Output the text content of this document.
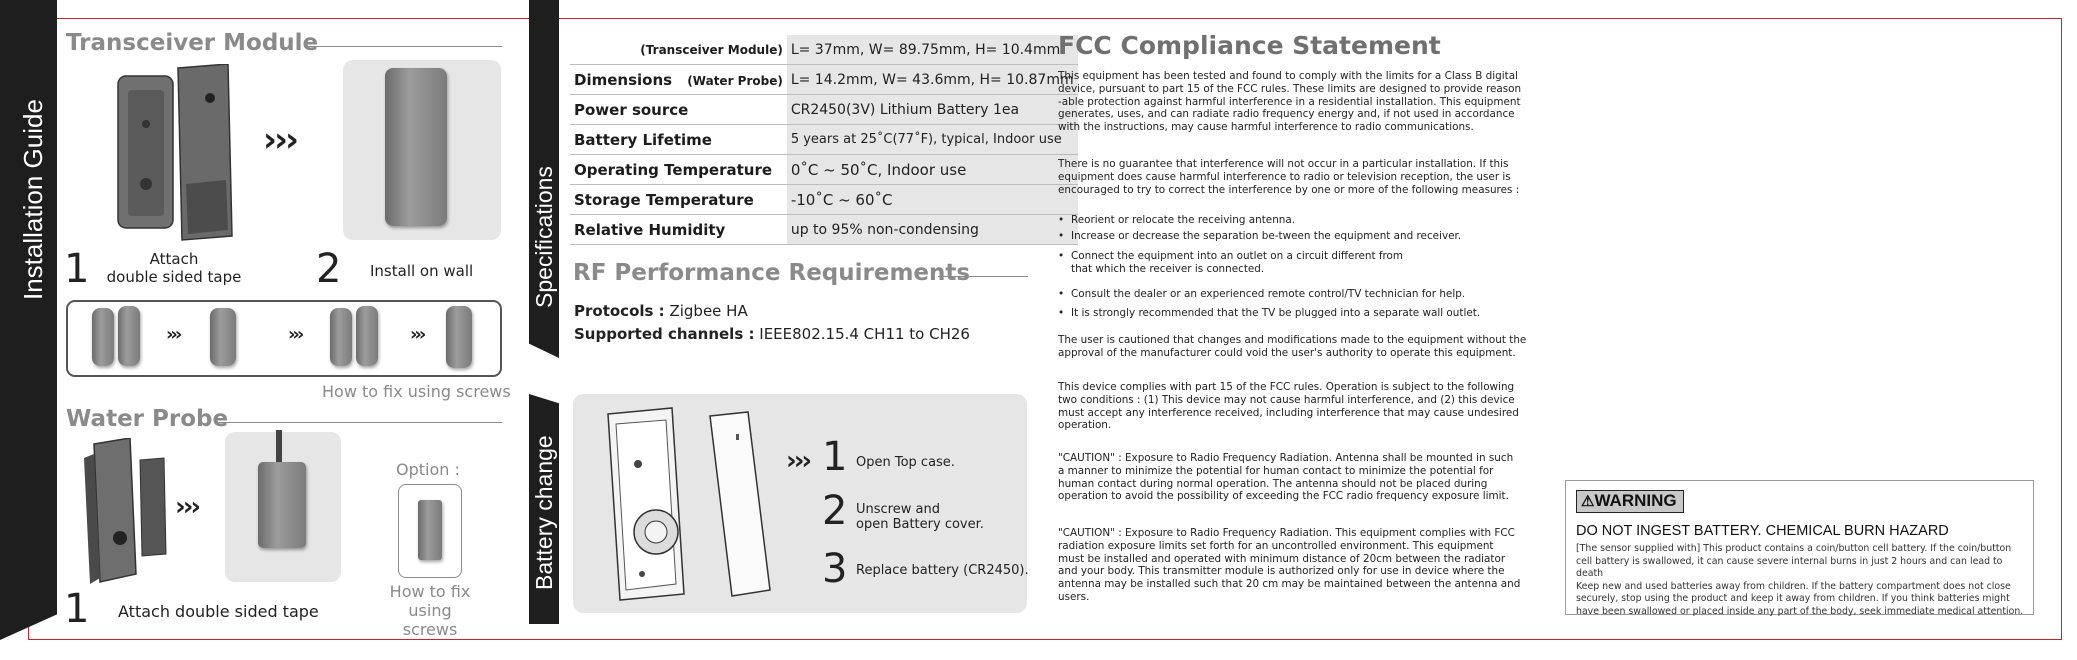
Installation Guide
Transceiver Module
›››
1	Attach
double sided tape	2 Install on wall
›››	›››	›››
How to fix using screws
Water Probe
›››
Option :
How to fix
using screws
1 Attach double sided tape
Specifications
(Transceiver Module)	L= 37mm, W= 89.75mm, H= 10.4mm
Dimensions (Water Probe)	L= 14.2mm, W= 43.6mm, H= 10.87mm
Power source	CR2450(3V) Lithium Battery 1ea
Battery Lifetime	5 years at 25˚C(77˚F), typical, Indoor use
Operating Temperature	0˚C ~ 50˚C, Indoor use
Storage Temperature	-10˚C ~ 60˚C
Relative Humidity	up to 95% non-condensing
RF Performance Requirements
Protocols : Zigbee HA
Supported channels : IEEE802.15.4 CH11 to CH26
Battery change	››› 1 Open Top case.
2 Unscrew and
open Battery cover.
3 Replace battery (CR2450).
FCC Compliance Statement
This equipment has been tested and found to comply with the limits for a Class B digital
device, pursuant to part 15 of the FCC rules. These limits are designed to provide reason
-able protection against harmful interference in a residential installation. This equipment
generates, uses, and can radiate radio frequency energy and, if not used in accordance
with the instructions, may cause harmful interference to radio communications.
There is no guarantee that interference will not occur in a particular installation. If this
equipment does cause harmful interference to radio or television reception, the user is
encouraged to try to correct the interference by one or more of the following measures :
• Reorient or relocate the receiving antenna.
• Increase or decrease the separation be-tween the equipment and receiver.
• Connect the equipment into an outlet on a circuit different from
that which the receiver is connected.
• Consult the dealer or an experienced remote control/TV technician for help.
• It is strongly recommended that the TV be plugged into a separate wall outlet.
The user is cautioned that changes and modifications made to the equipment without the
approval of the manufacturer could void the user's authority to operate this equipment.
This device complies with part 15 of the FCC rules. Operation is subject to the following
two conditions : (1) This device may not cause harmful interference, and (2) this device
must accept any interference received, including interference that may cause undesired
operation.
"CAUTION" : Exposure to Radio Frequency Radiation. Antenna shall be mounted in such
a manner to minimize the potential for human contact to minimize the potential for
human contact during normal operation. The antenna should not be placed during
operation to avoid the possibility of exceeding the FCC radio frequency exposure limit.
"CAUTION" : Exposure to Radio Frequency Radiation. This equipment complies with FCC
radiation exposure limits set forth for an uncontrolled environment. This equipment
must be installed and operated with minimum distance of 20cm between the radiator
and your body. This transmitter module is authorized only for use in device where the
antenna may be installed such that 20 cm may be maintained between the antenna and
users.
⚠WARNING
DO NOT INGEST BATTERY. CHEMICAL BURN HAZARD
[The sensor supplied with] This product contains a coin/button cell battery. If the coin/button
cell battery is swallowed, it can cause severe internal burns in just 2 hours and can lead to death
Keep new and used batteries away from children. If the battery compartment does not close
securely, stop using the product and keep it away from children. If you think batteries might
have been swallowed or placed inside any part of the body, seek immediate medical attention.
